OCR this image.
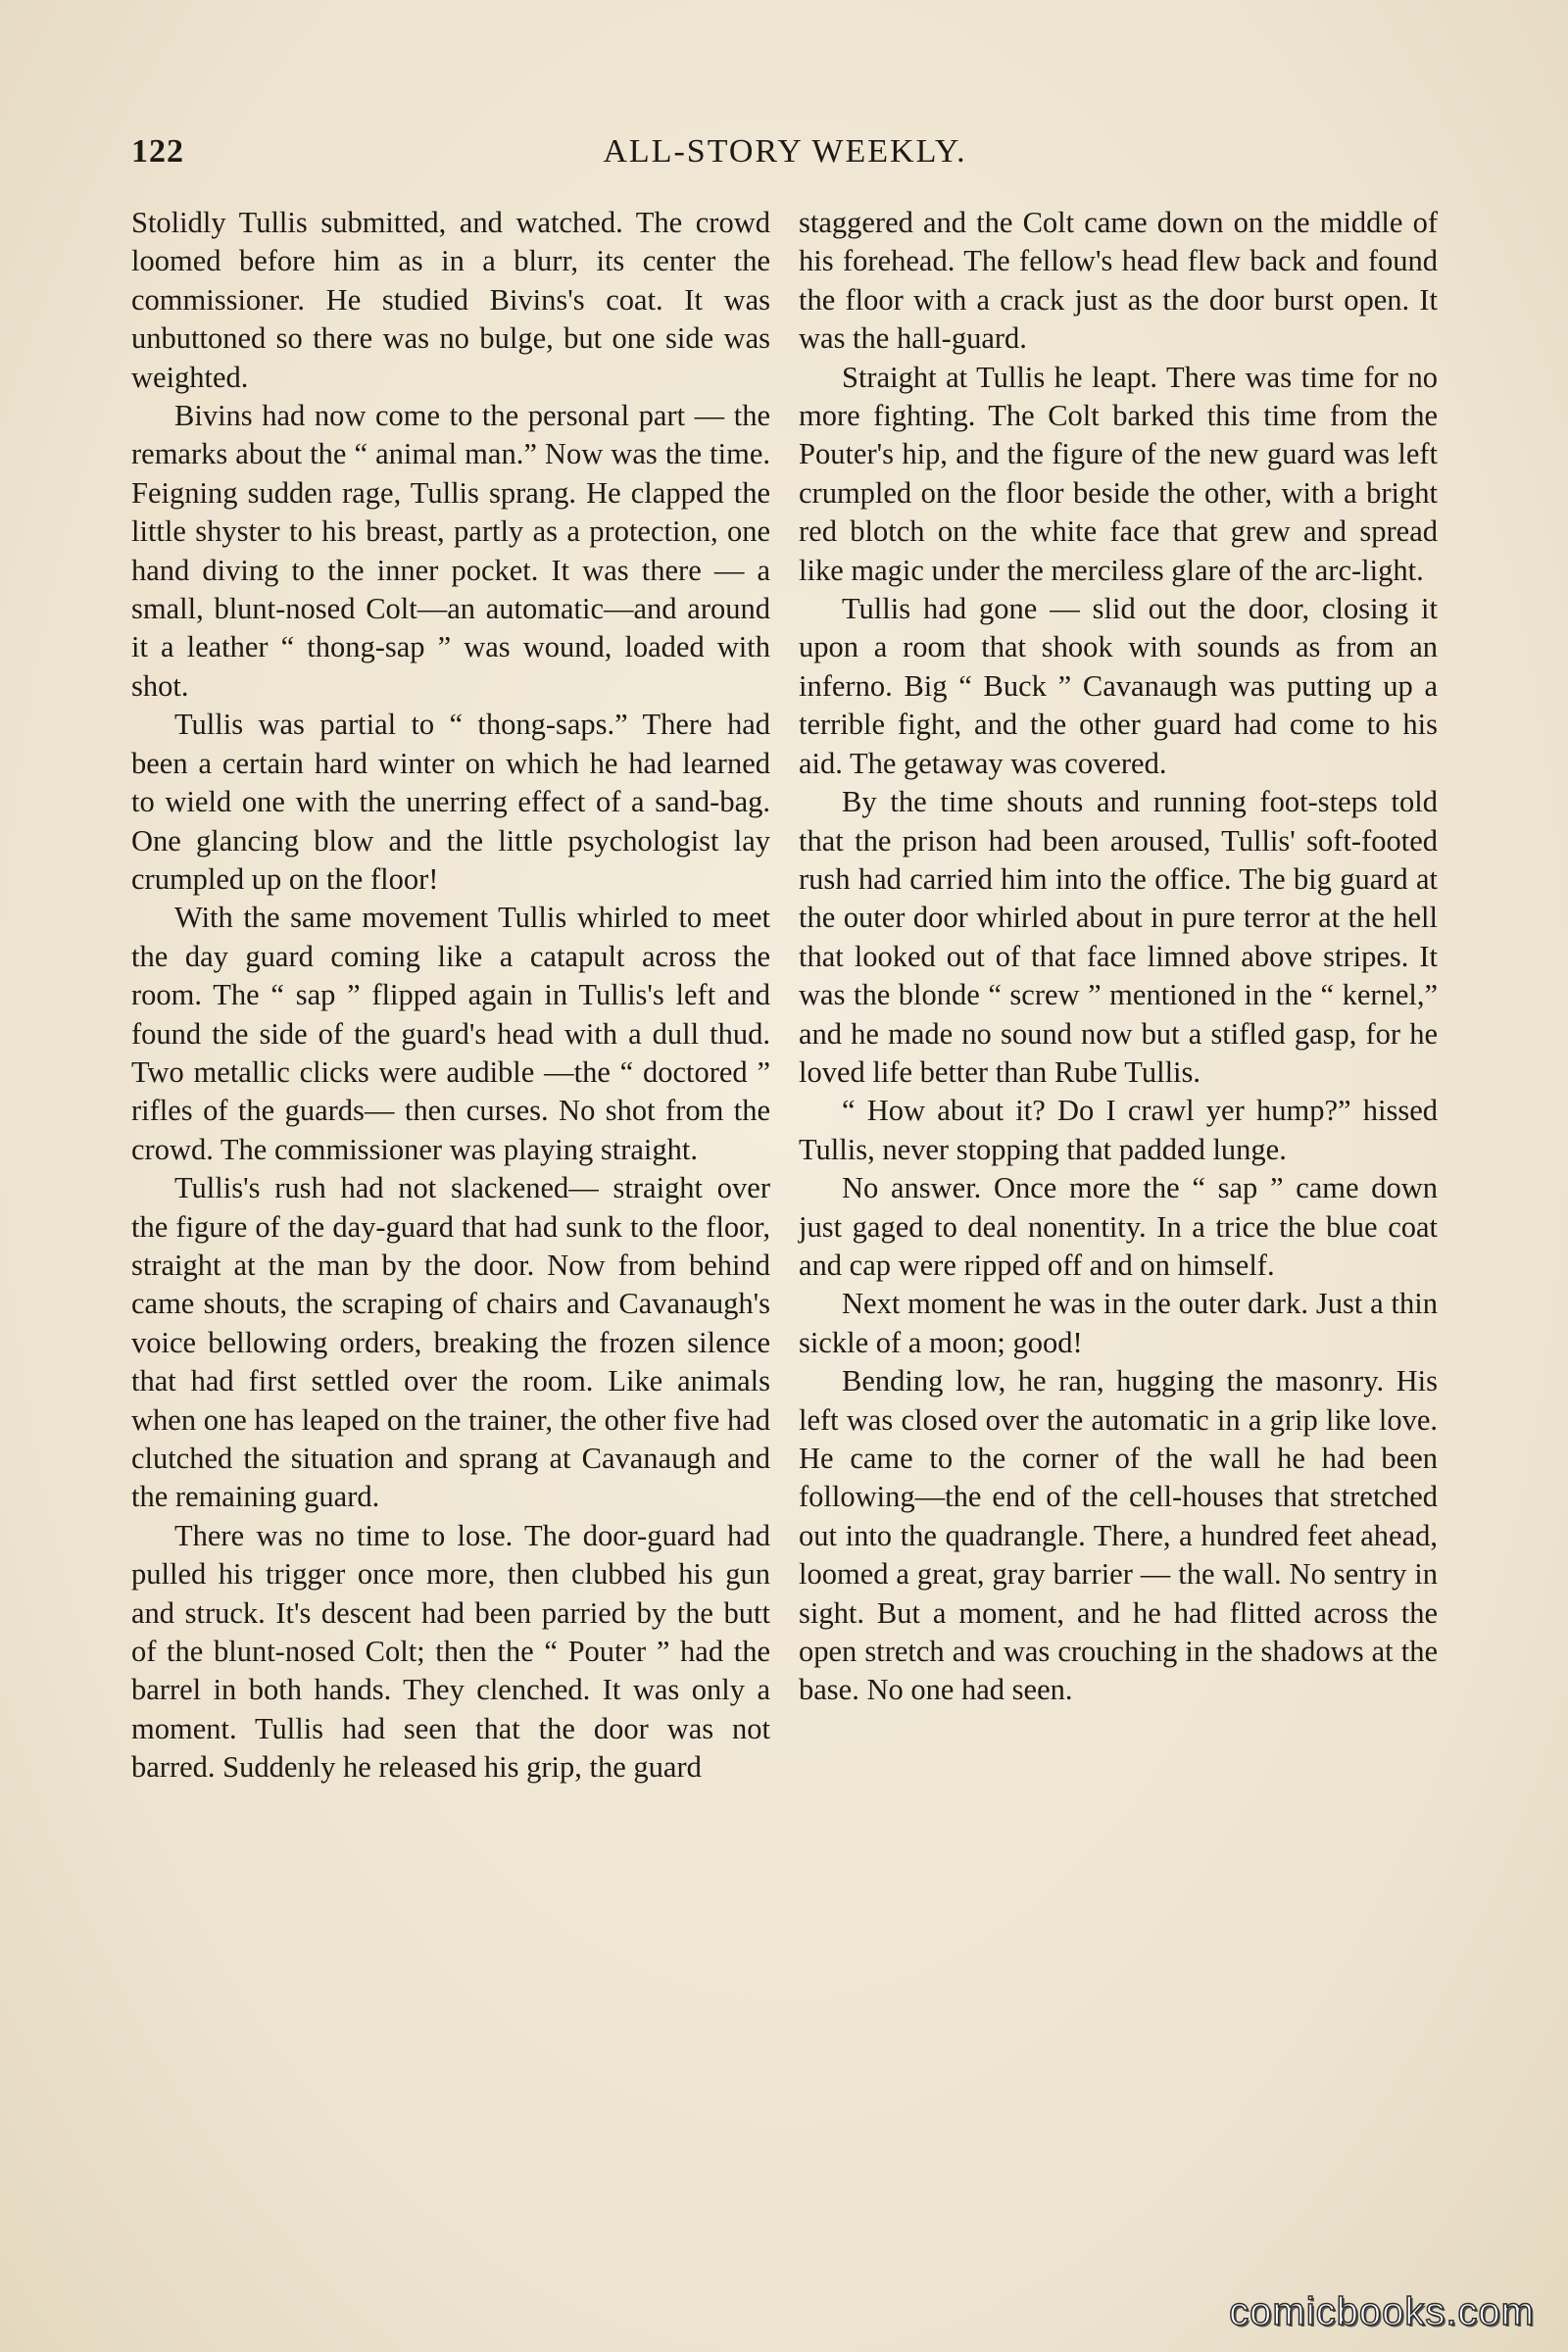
122	ALL-STORY WEEKLY.

Stolidly Tullis submitted, and watched. The crowd loomed before him as in a blurr, its center the commissioner. He studied Bivins's coat. It was unbuttoned so there was no bulge, but one side was weighted.

Bivins had now come to the personal part — the remarks about the “ animal man.” Now was the time. Feigning sudden rage, Tullis sprang. He clapped the little shyster to his breast, partly as a protection, one hand diving to the inner pocket. It was there — a small, blunt-nosed Colt—an automatic—and around it a leather “ thong-sap ” was wound, loaded with shot.

Tullis was partial to “ thong-saps.” There had been a certain hard winter on which he had learned to wield one with the unerring effect of a sand-bag. One glancing blow and the little psychologist lay crumpled up on the floor!

With the same movement Tullis whirled to meet the day guard coming like a catapult across the room. The “ sap ” flipped again in Tullis's left and found the side of the guard's head with a dull thud. Two metallic clicks were audible —the “ doctored ” rifles of the guards— then curses. No shot from the crowd. The commissioner was playing straight.

Tullis's rush had not slackened— straight over the figure of the day-guard that had sunk to the floor, straight at the man by the door. Now from behind came shouts, the scraping of chairs and Cavanaugh's voice bellowing orders, breaking the frozen silence that had first settled over the room. Like animals when one has leaped on the trainer, the other five had clutched the situation and sprang at Cavanaugh and the remaining guard.

There was no time to lose. The door-guard had pulled his trigger once more, then clubbed his gun and struck. It's descent had been parried by the butt of the blunt-nosed Colt; then the “ Pouter ” had the barrel in both hands. They clenched. It was only a moment. Tullis had seen that the door was not barred. Suddenly he released his grip, the guard

staggered and the Colt came down on the middle of his forehead. The fellow's head flew back and found the floor with a crack just as the door burst open. It was the hall-guard.

Straight at Tullis he leapt. There was time for no more fighting. The Colt barked this time from the Pouter's hip, and the figure of the new guard was left crumpled on the floor beside the other, with a bright red blotch on the white face that grew and spread like magic under the merciless glare of the arc-light.

Tullis had gone — slid out the door, closing it upon a room that shook with sounds as from an inferno. Big “ Buck ” Cavanaugh was putting up a terrible fight, and the other guard had come to his aid. The getaway was covered.

By the time shouts and running foot-steps told that the prison had been aroused, Tullis' soft-footed rush had carried him into the office. The big guard at the outer door whirled about in pure terror at the hell that looked out of that face limned above stripes. It was the blonde “ screw ” mentioned in the “ kernel,” and he made no sound now but a stifled gasp, for he loved life better than Rube Tullis.

“ How about it? Do I crawl yer hump?” hissed Tullis, never stopping that padded lunge.

No answer. Once more the “ sap ” came down just gaged to deal nonentity. In a trice the blue coat and cap were ripped off and on himself.

Next moment he was in the outer dark. Just a thin sickle of a moon; good!

Bending low, he ran, hugging the masonry. His left was closed over the automatic in a grip like love. He came to the corner of the wall he had been following—the end of the cell-houses that stretched out into the quadrangle. There, a hundred feet ahead, loomed a great, gray barrier — the wall. No sentry in sight. But a moment, and he had flitted across the open stretch and was crouching in the shadows at the base. No one had seen.

comicbooks.com
